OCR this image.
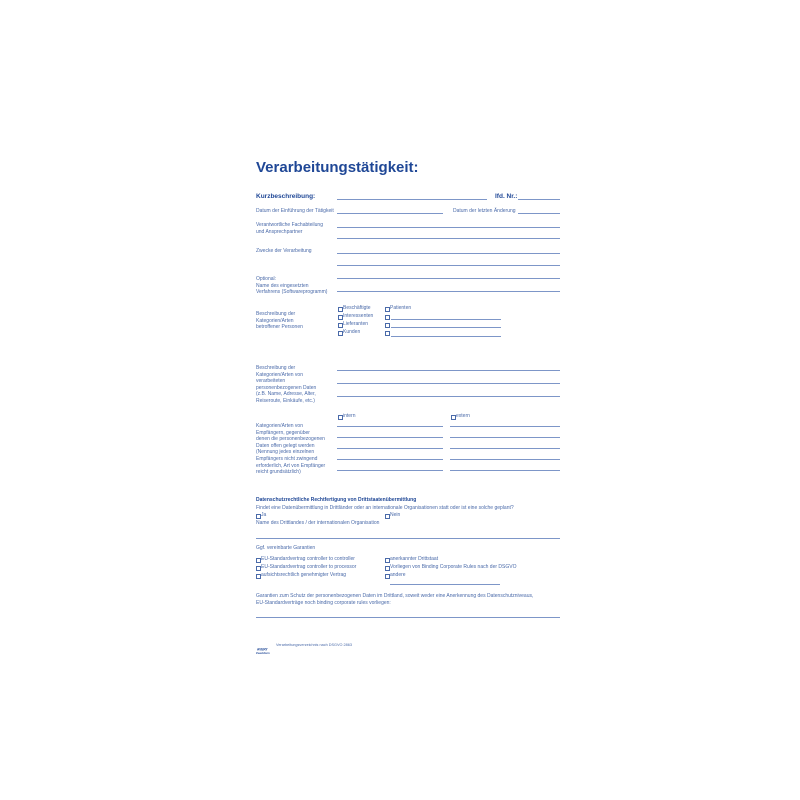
Verarbeitungstätigkeit:
Kurzbeschreibung:	lfd. Nr.:
Datum der Einführung der Tätigkeit	Datum der letzten Änderung
Verantwortliche Fachabteilung
und Ansprechpartner
Zwecke der Verarbeitung
Optional:
Name des eingesetzten
Verfahrens (Softwareprogramm)
Beschreibung der
Kategorien/Arten
betroffener Personen
Beschäftigte
Interessenten
Lieferanten
Kunden
Patienten
Beschreibung der
Kategorien/Arten von
verarbeiteten
personenbezogenen Daten
(z.B. Name, Adresse, Alter,
Reiseroute, Einkäufe, etc.)
intern	extern
Kategorien/Arten von
Empfängern, gegenüber
denen die personenbezogenen
Daten offen gelegt werden
(Nennung jedes einzelnen
Empfängers nicht zwingend
erforderlich, Art von Empfänger
reicht grundsätzlich)
Datenschutzrechtliche Rechtfertigung von Drittstaatenübermittlung
Findet eine Datenübermittlung in Drittländer oder an internationale Organisationen statt oder ist eine solche geplant?
Ja	Nein
Name des Drittlandes / der internationalen Organisation
Ggf. vereinbarte Garantien
EU-Standardvertrag controller to controller
EU-Standardvertrag controller to processor
aufsichtsrechtlich genehmigter Vertrag
anerkannter Drittstaat
Vorliegen von Binding Corporate Rules nach der DSGVO
andere
Garantien zum Schutz der personenbezogenen Daten im Drittland, soweit weder eine Anerkennung des Datenschutzniveaus,
EU-Standardverträge noch binding corporate rules vorliegen:
AVERY
Zweckform
Verarbeitungsverzeichnis nach DSGVO 2863
